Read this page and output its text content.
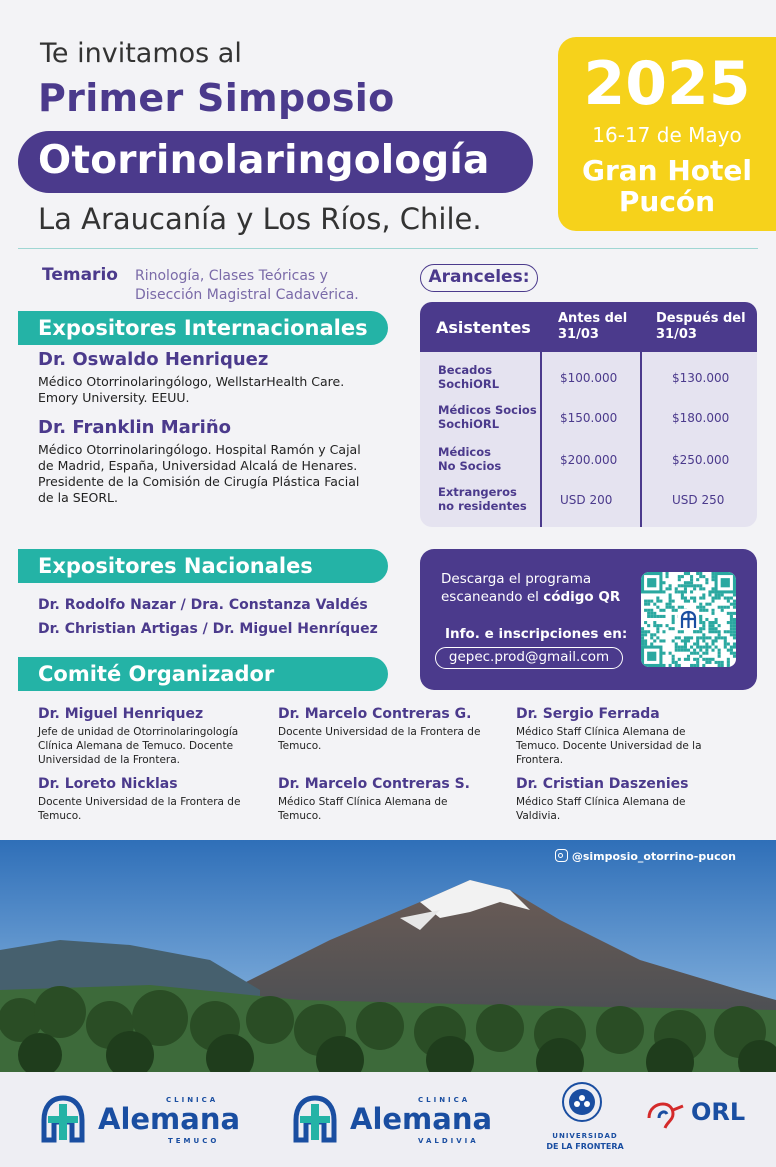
Te invitamos al
Primer Simposio
Otorrinolaringología
La Araucanía y Los Ríos, Chile.
2025
16-17 de Mayo
Gran Hotel
Pucón
Temario Rinología, Clases Teóricas y
Disección Magistral Cadavérica.
Expositores Internacionales
Dr. Oswaldo Henriquez
Médico Otorrinolaringólogo, WellstarHealth Care.
Emory University. EEUU.
Dr. Franklin Mariño
Médico Otorrinolaringólogo. Hospital Ramón y Cajal
de Madrid, España, Universidad Alcalá de Henares.
Presidente de la Comisión de Cirugía Plástica Facial
de la SEORL.
Expositores Nacionales
Dr. Rodolfo Nazar / Dra. Constanza Valdés
Dr. Christian Artigas / Dr. Miguel Henríquez
Comité Organizador
Dr. Miguel Henriquez
Jefe de unidad de Otorrinolaringología
Clínica Alemana de Temuco. Docente
Universidad de la Frontera.
Dr. Marcelo Contreras G.
Docente Universidad de la Frontera de
Temuco.
Dr. Sergio Ferrada
Médico Staff Clínica Alemana de
Temuco. Docente Universidad de la
Frontera.
Dr. Loreto Nicklas
Docente Universidad de la Frontera de
Temuco.
Dr. Marcelo Contreras S.
Médico Staff Clínica Alemana de
Temuco.
Dr. Cristian Daszenies
Médico Staff Clínica Alemana de
Valdivia.
Aranceles:
Asistentes Antes del
31/03
Después del
31/03
Becados
SochiORL	$100.000	$130.000
Médicos Socios
SochiORL	$150.000	$180.000
Médicos
No Socios	$200.000	$250.000
Extrangeros
no residentes	USD 200	USD 250
Descarga el programa
escaneando el código QR
Info. e inscripciones en:
gepec.prod@gmail.com
@simposio_otorrino-pucon
CLINICA
Alemana
TEMUCO
CLINICA
Alemana
VALDIVIA
UNIVERSIDAD
DE LA FRONTERA
ORL
